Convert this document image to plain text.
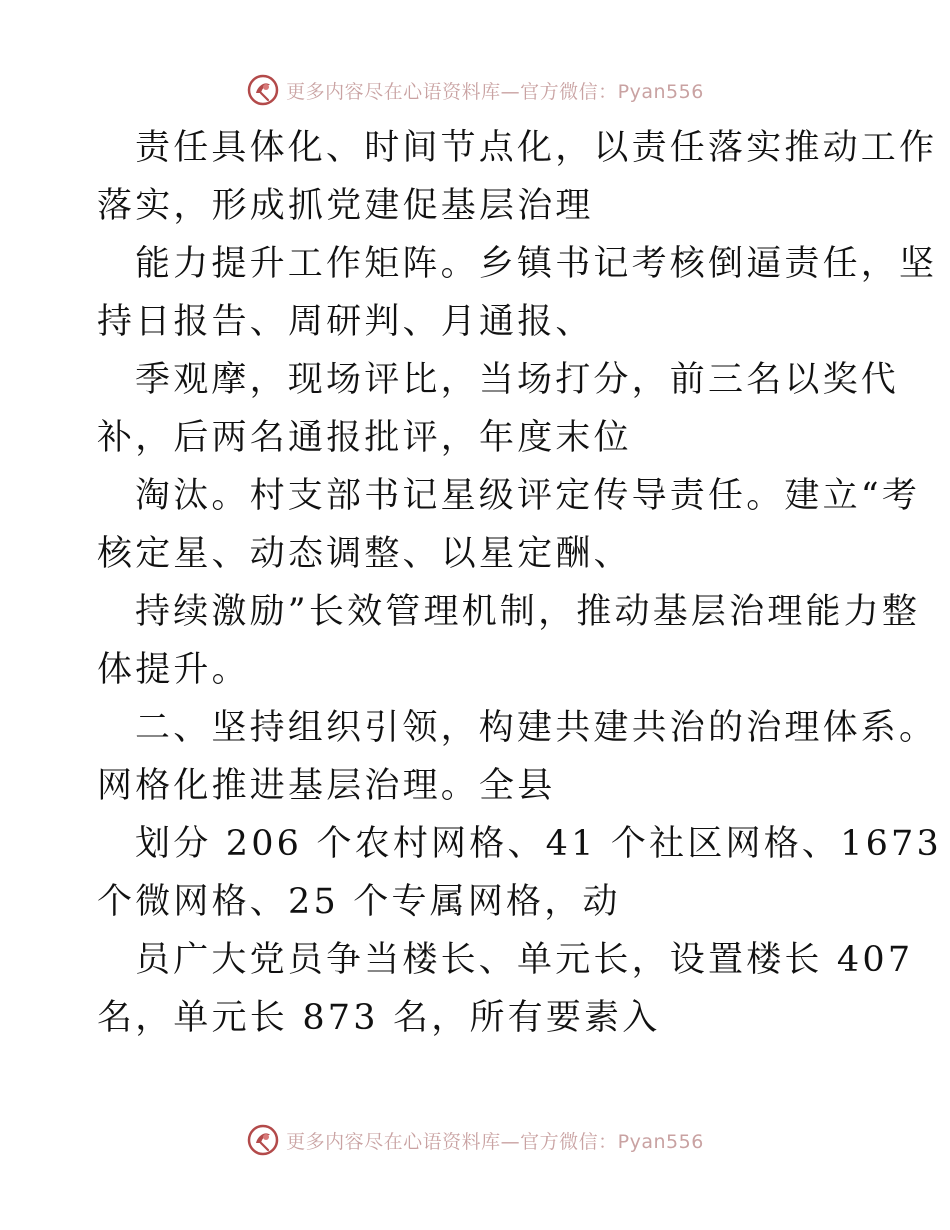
更多内容尽在心语资料库—官方微信：Pyan556
责任具体化、时间节点化，以责任落实推动工作
落实，形成抓党建促基层治理
能力提升工作矩阵。乡镇书记考核倒逼责任，坚
持日报告、周研判、月通报、
季观摩，现场评比，当场打分，前三名以奖代
补，后两名通报批评，年度末位
淘汰。村支部书记星级评定传导责任。建立“考
核定星、动态调整、以星定酬、
持续激励”长效管理机制，推动基层治理能力整
体提升。
二、坚持组织引领，构建共建共治的治理体系。
网格化推进基层治理。全县
划分 206 个农村网格、41 个社区网格、1673
个微网格、25 个专属网格，动
员广大党员争当楼长、单元长，设置楼长 407
名，单元长 873 名，所有要素入
更多内容尽在心语资料库—官方微信：Pyan556
